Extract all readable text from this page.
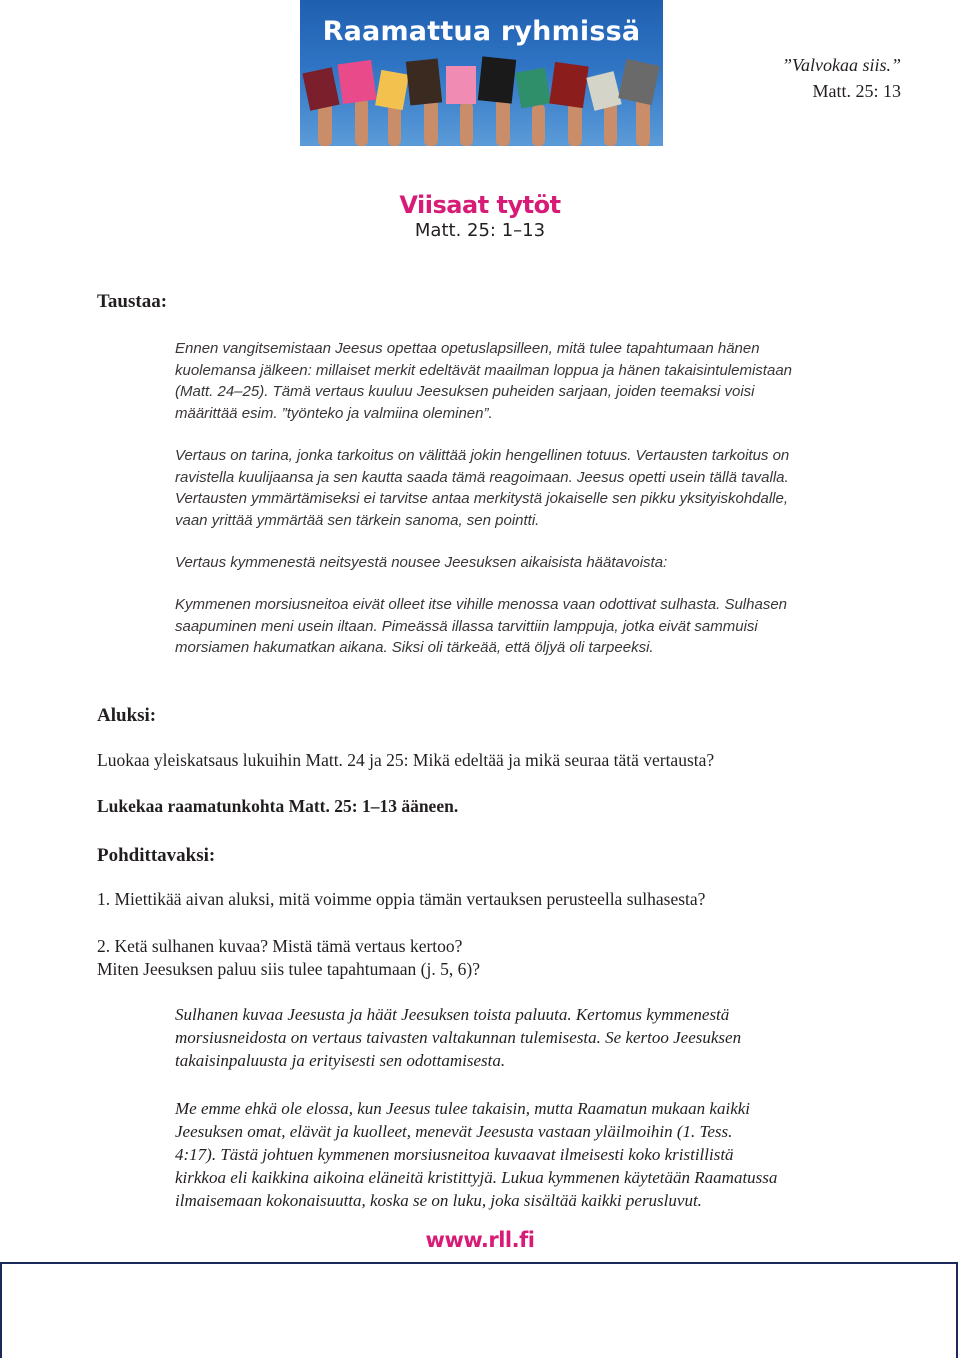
Raamattua ryhmissä
”Valvokaa siis.”
Matt. 25: 13
Viisaat tytöt
Matt. 25: 1–13
Taustaa:

Ennen vangitsemistaan Jeesus opettaa opetuslapsilleen, mitä tulee tapahtumaan hänen

kuolemansa jälkeen: millaiset merkit edeltävät maailman loppua ja hänen takaisintulemistaan

(Matt. 24–25). Tämä vertaus kuuluu Jeesuksen puheiden sarjaan, joiden teemaksi voisi

määrittää esim. ”työnteko ja valmiina oleminen”.

Vertaus on tarina, jonka tarkoitus on välittää jokin hengellinen totuus. Vertausten tarkoitus on

ravistella kuulijaansa ja sen kautta saada tämä reagoimaan. Jeesus opetti usein tällä tavalla.

Vertausten ymmärtämiseksi ei tarvitse antaa merkitystä jokaiselle sen pikku yksityiskohdalle,

vaan yrittää ymmärtää sen tärkein sanoma, sen pointti.

Vertaus kymmenestä neitsyestä nousee Jeesuksen aikaisista häätavoista:

Kymmenen morsiusneitoa eivät olleet itse vihille menossa vaan odottivat sulhasta. Sulhasen

saapuminen meni usein iltaan. Pimeässä illassa tarvittiin lamppuja, jotka eivät sammuisi

morsiamen hakumatkan aikana. Siksi oli tärkeää, että öljyä oli tarpeeksi.

Aluksi:
Luokaa yleiskatsaus lukuihin Matt. 24 ja 25: Mikä edeltää ja mikä seuraa tätä vertausta?
Lukekaa raamatunkohta Matt. 25: 1–13 ääneen.
Pohdittavaksi:
1. Miettikää aivan aluksi, mitä voimme oppia tämän vertauksen perusteella sulhasesta?
2. Ketä sulhanen kuvaa? Mistä tämä vertaus kertoo?
Miten Jeesuksen paluu siis tulee tapahtumaan (j. 5, 6)?

Sulhanen kuvaa Jeesusta ja häät Jeesuksen toista paluuta. Kertomus kymmenestä

morsiusneidosta on vertaus taivasten valtakunnan tulemisesta. Se kertoo Jeesuksen

takaisinpaluusta ja erityisesti sen odottamisesta.

Me emme ehkä ole elossa, kun Jeesus tulee takaisin, mutta Raamatun mukaan kaikki

Jeesuksen omat, elävät ja kuolleet, menevät Jeesusta vastaan yläilmoihin (1. Tess.

4:17). Tästä johtuen kymmenen morsiusneitoa kuvaavat ilmeisesti koko kristillistä

kirkkoa eli kaikkina aikoina eläneitä kristittyjä. Lukua kymmenen käytetään Raamatussa

ilmaisemaan kokonaisuutta, koska se on luku, joka sisältää kaikki perusluvut.

www.rll.fi
